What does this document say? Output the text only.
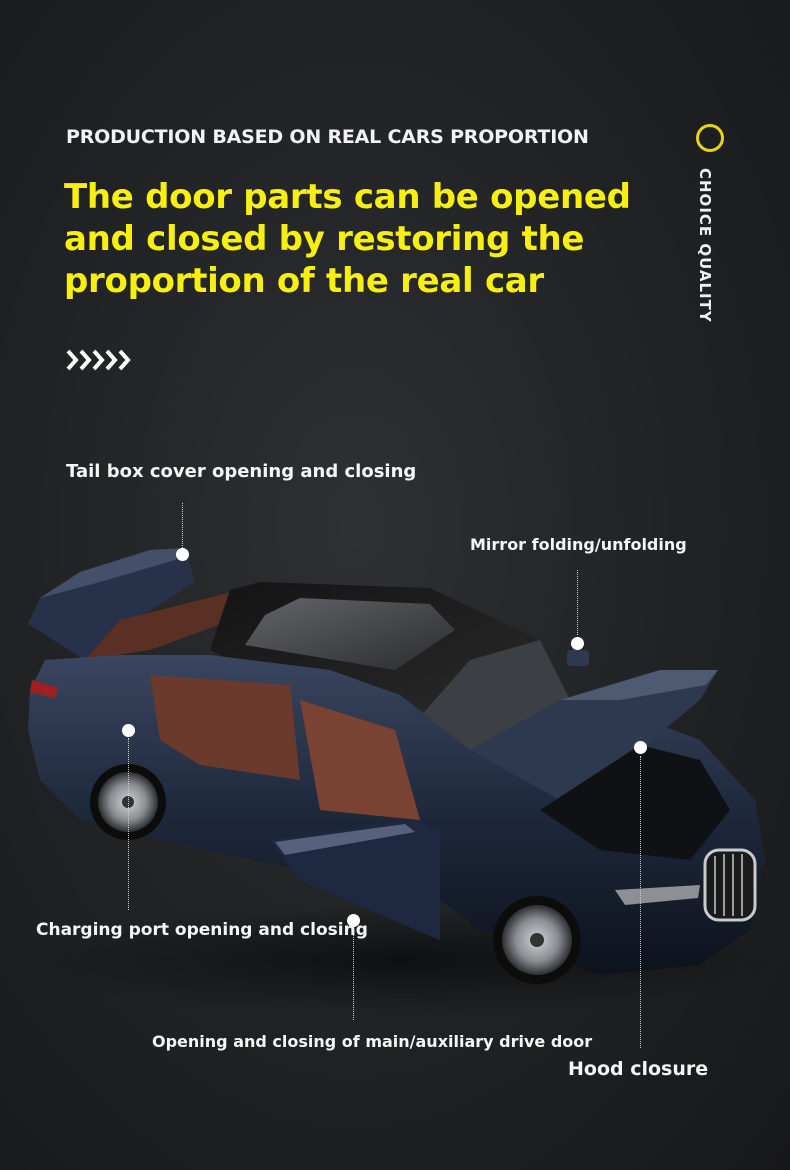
PRODUCTION BASED ON REAL CARS PROPORTION
The door parts can be opened and closed by restoring the proportion of the real car	CHOICE QUALITY
Tail box cover opening and closing
Mirror folding/unfolding
Charging port opening and closing
Opening and closing of main/auxiliary drive door
Hood closure
